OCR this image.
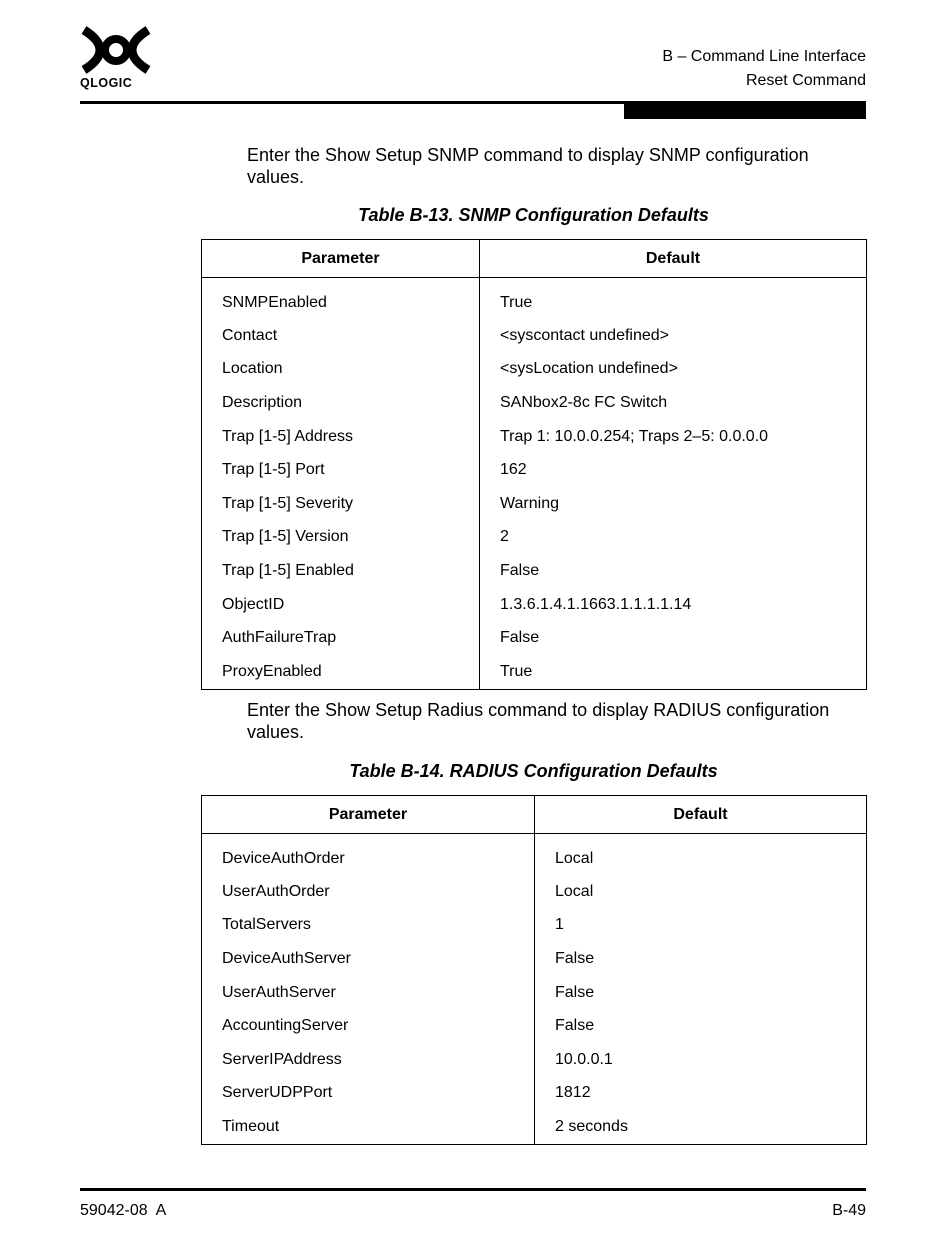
QLOGIC
B – Command Line Interface
Reset Command
Enter the Show Setup SNMP command to display SNMP configuration values.
Table B-13. SNMP Configuration Defaults
Parameter	Default
SNMPEnabled	True
Contact	<syscontact undefined>
Location	<sysLocation undefined>
Description	SANbox2-8c FC Switch
Trap [1-5] Address	Trap 1: 10.0.0.254; Traps 2–5: 0.0.0.0
Trap [1-5] Port	162
Trap [1-5] Severity	Warning
Trap [1-5] Version	2
Trap [1-5] Enabled	False
ObjectID	1.3.6.1.4.1.1663.1.1.1.1.14
AuthFailureTrap	False
ProxyEnabled	True
Enter the Show Setup Radius command to display RADIUS configuration values.
Table B-14. RADIUS Configuration Defaults
Parameter	Default
DeviceAuthOrder	Local
UserAuthOrder	Local
TotalServers	1
DeviceAuthServer	False
UserAuthServer	False
AccountingServer	False
ServerIPAddress	10.0.0.1
ServerUDPPort	1812
Timeout	2 seconds
59042-08  A	B-49
